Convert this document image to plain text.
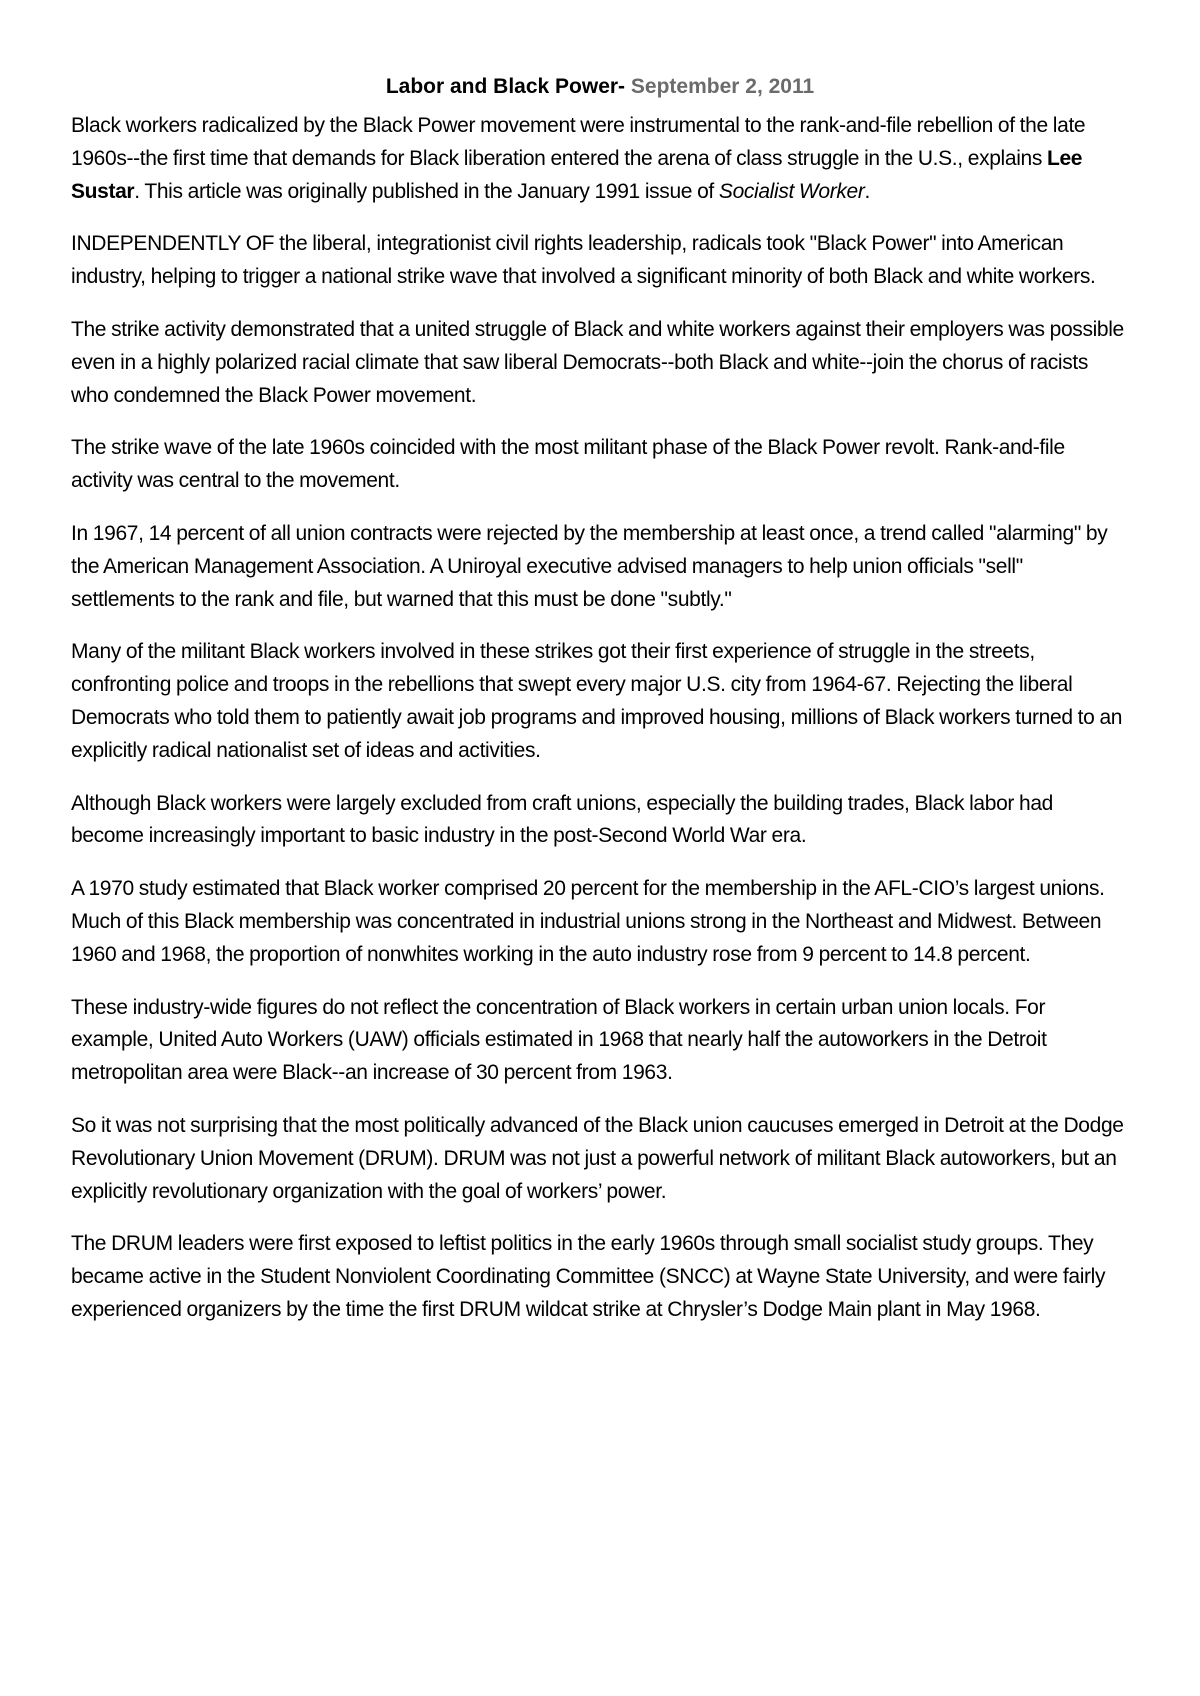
Labor and Black Power- September 2, 2011

Black workers radicalized by the Black Power movement were instrumental to the rank-and-file rebellion of the late 1960s--the first time that demands for Black liberation entered the arena of class struggle in the U.S., explains Lee Sustar. This article was originally published in the January 1991 issue of Socialist Worker.

INDEPENDENTLY OF the liberal, integrationist civil rights leadership, radicals took "Black Power" into American industry, helping to trigger a national strike wave that involved a significant minority of both Black and white workers.

The strike activity demonstrated that a united struggle of Black and white workers against their employers was possible even in a highly polarized racial climate that saw liberal Democrats--both Black and white--join the chorus of racists who condemned the Black Power movement.

The strike wave of the late 1960s coincided with the most militant phase of the Black Power revolt. Rank-and-file activity was central to the movement.

In 1967, 14 percent of all union contracts were rejected by the membership at least once, a trend called "alarming" by the American Management Association. A Uniroyal executive advised managers to help union officials "sell" settlements to the rank and file, but warned that this must be done "subtly."

Many of the militant Black workers involved in these strikes got their first experience of struggle in the streets, confronting police and troops in the rebellions that swept every major U.S. city from 1964-67. Rejecting the liberal Democrats who told them to patiently await job programs and improved housing, millions of Black workers turned to an explicitly radical nationalist set of ideas and activities.

Although Black workers were largely excluded from craft unions, especially the building trades, Black labor had become increasingly important to basic industry in the post-Second World War era.

A 1970 study estimated that Black worker comprised 20 percent for the membership in the AFL-CIO’s largest unions. Much of this Black membership was concentrated in industrial unions strong in the Northeast and Midwest. Between 1960 and 1968, the proportion of nonwhites working in the auto industry rose from 9 percent to 14.8 percent.

These industry-wide figures do not reflect the concentration of Black workers in certain urban union locals. For example, United Auto Workers (UAW) officials estimated in 1968 that nearly half the autoworkers in the Detroit metropolitan area were Black--an increase of 30 percent from 1963.

So it was not surprising that the most politically advanced of the Black union caucuses emerged in Detroit at the Dodge Revolutionary Union Movement (DRUM). DRUM was not just a powerful network of militant Black autoworkers, but an explicitly revolutionary organization with the goal of workers’ power.

The DRUM leaders were first exposed to leftist politics in the early 1960s through small socialist study groups. They became active in the Student Nonviolent Coordinating Committee (SNCC) at Wayne State University, and were fairly experienced organizers by the time the first DRUM wildcat strike at Chrysler’s Dodge Main plant in May 1968.
